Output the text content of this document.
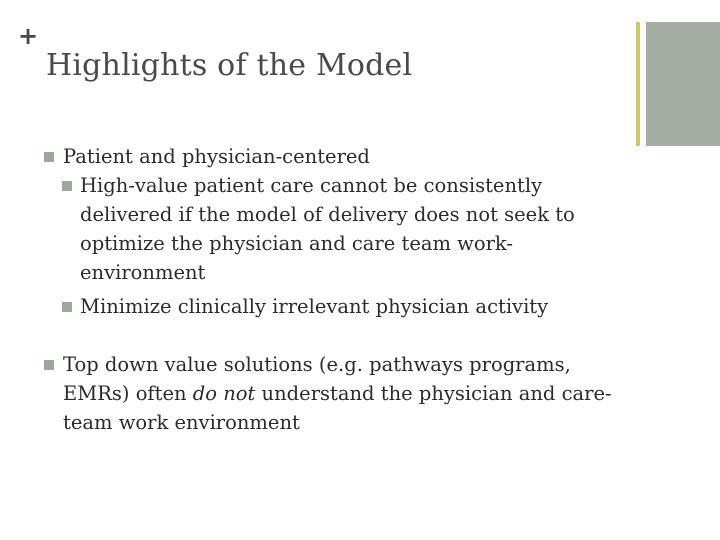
+
Highlights of the Model
Patient and physician-centered
High-value patient care cannot be consistently delivered if the model of delivery does not seek to optimize the physician and care team work-environment
Minimize clinically irrelevant physician activity
Top down value solutions (e.g. pathways programs, EMRs) often do not understand the physician and care-team work environment
